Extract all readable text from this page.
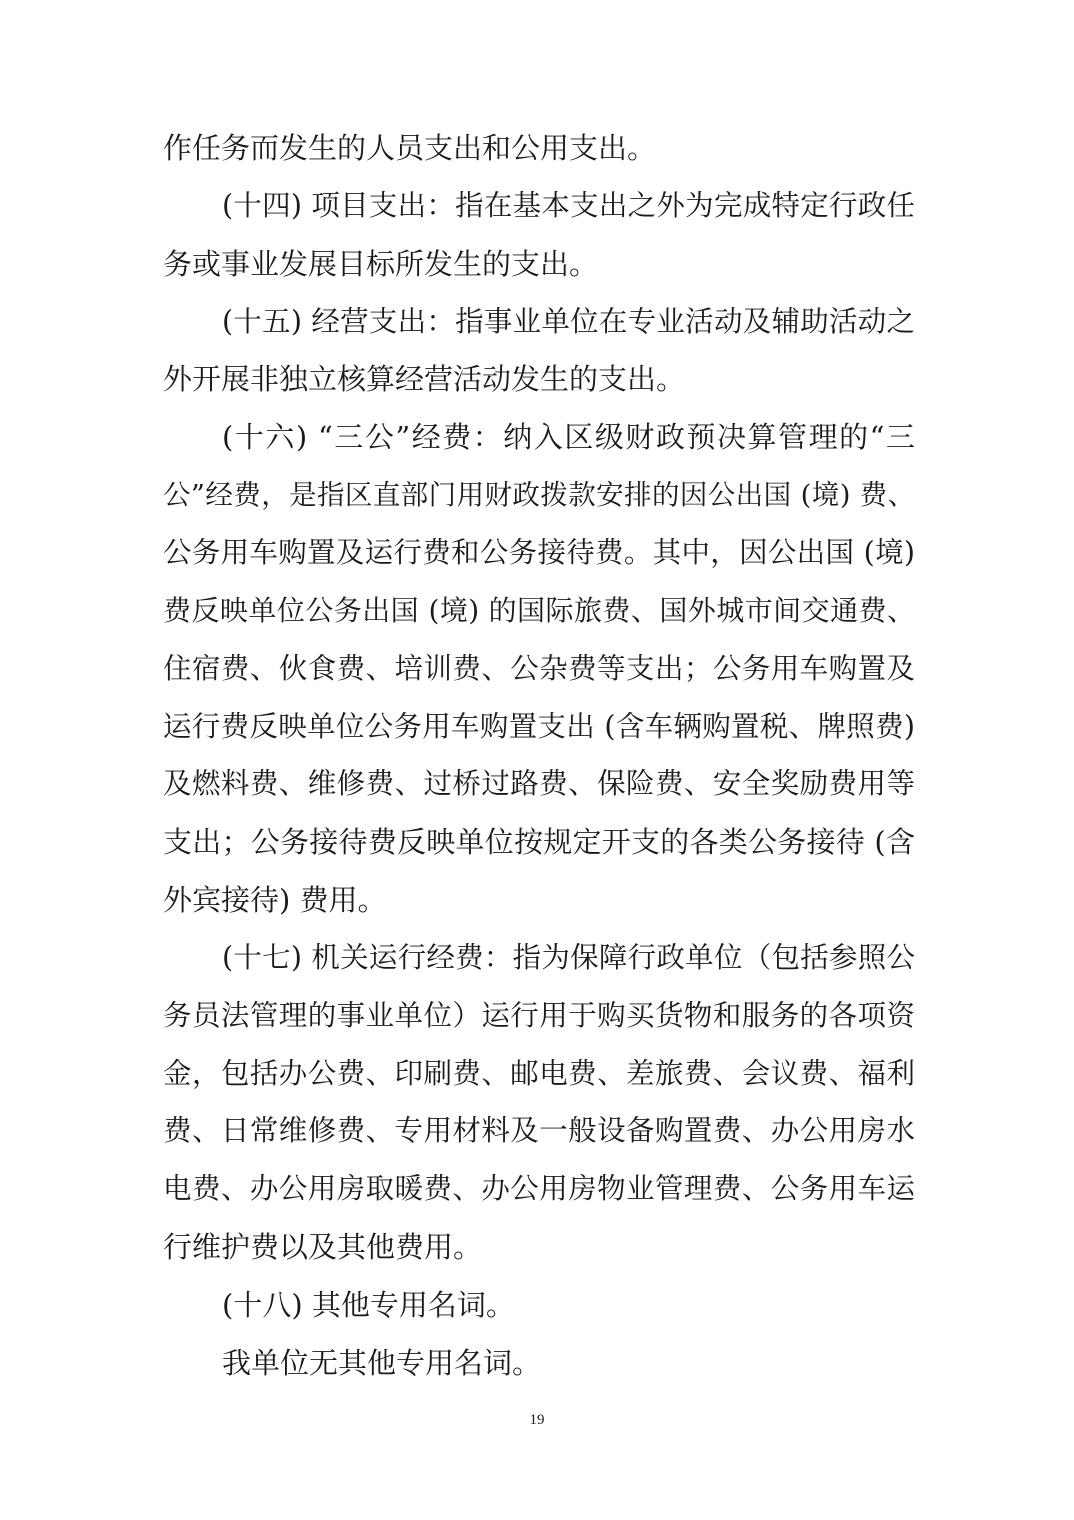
作任务而发生的人员支出和公用支出。
(十四) 项目支出：指在基本支出之外为完成特定行政任
务或事业发展目标所发生的支出。
(十五) 经营支出：指事业单位在专业活动及辅助活动之
外开展非独立核算经营活动发生的支出。
(十六) “三公”经费：纳入区级财政预决算管理的“三
公”经费，是指区直部门用财政拨款安排的因公出国 (境) 费、
公务用车购置及运行费和公务接待费。其中，因公出国 (境)
费反映单位公务出国 (境) 的国际旅费、国外城市间交通费、
住宿费、伙食费、培训费、公杂费等支出；公务用车购置及
运行费反映单位公务用车购置支出 (含车辆购置税、牌照费)
及燃料费、维修费、过桥过路费、保险费、安全奖励费用等
支出；公务接待费反映单位按规定开支的各类公务接待 (含
外宾接待) 费用。
(十七) 机关运行经费：指为保障行政单位（包括参照公
务员法管理的事业单位）运行用于购买货物和服务的各项资
金，包括办公费、印刷费、邮电费、差旅费、会议费、福利
费、日常维修费、专用材料及一般设备购置费、办公用房水
电费、办公用房取暖费、办公用房物业管理费、公务用车运
行维护费以及其他费用。
(十八) 其他专用名词。
我单位无其他专用名词。
19
